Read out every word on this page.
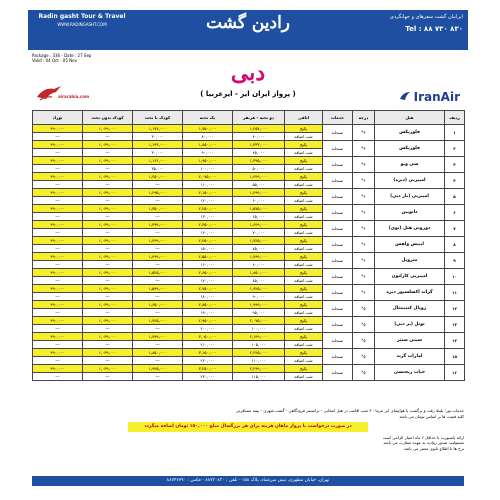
Radin gasht Tour & Travel
WWW.RADINGASHT.COM	رادین گشت	ایرانیان گشت سفرهای و جهانگردی
Tel : ۸۸ ۷۳۰ ۸۳۰
Package : 336 - Date : 27 Sep
Valid : 04 Oct - 05 Nov	دبی
( پرواز ایران ایر - ایرعربیا )
airarabia.com	IranAir
ردیف	هتل	درجه	خدمات	اتاقی	دو تخته - هرنفر	یک تخته	کودک با تخت	کودک بدون تخت	نوزاد
۱	فلوریکس	۳*	صبحانه	پکیج	۱,۲۵۷,۰۰۰	۱,۷۵۰,۰۰۰	۱,۱۷۷,۰۰۰	۱,۰۴۹,۰۰۰	۴۹۰,۰۰۰
				شب اضافه	۴۰,۰۰۰	۸۰,۰۰۰	۳۰,۰۰۰	---	---
۲	فلوریکس	۳*	صبحانه	پکیج	۱,۳۳۳,۰۰۰	۱,۸۵۰,۰۰۰	۱,۱۴۳,۰۰۰	۱,۰۴۹,۰۰۰	۴۹۰,۰۰۰
				شب اضافه	۴۵,۰۰۰	۹۰,۰۰۰	۳۰,۰۰۰	---	---
۳	سی ویو	۳*	صبحانه	پکیج	۱,۳۹۵,۰۰۰	۱,۹۵۰,۰۰۰	۱,۱۶۲,۰۰۰	۱,۰۴۹,۰۰۰	۴۹۰,۰۰۰
				شب اضافه	۵۰,۰۰۰	۱۰۰,۰۰۰	۳۵,۰۰۰	---	---
۴	امپیریی (دیره)	۴*	صبحانه	پکیج	۱,۴۴۹,۰۰۰	۲,۰۷۵,۰۰۰	۱,۲۵۰,۰۰۰	۱,۰۴۹,۰۰۰	۴۹۰,۰۰۰
				شب اضافه	۵۵,۰۰۰	۱۱۰,۰۰۰	---	---	---
۵	امپیریی (بار دبی)	۴*	صبحانه	پکیج	۱,۴۹۹,۰۰۰	۲,۱۵۰,۰۰۰	۱,۲۹۵,۰۰۰	۱,۰۴۹,۰۰۰	۴۹۰,۰۰۰
				شب اضافه	۶۰,۰۰۰	۱۲۰,۰۰۰	---	---	---
۶	دانوبین	۴*	صبحانه	پکیج	۱,۵۷۵,۰۰۰	۲,۲۵۰,۰۰۰	۱,۳۵۰,۰۰۰	۱,۰۴۹,۰۰۰	۴۹۰,۰۰۰
				شب اضافه	۶۵,۰۰۰	۱۳۰,۰۰۰	---	---	---
۷	دوروتی هتل (نوی)	۴*	صبحانه	پکیج	۱,۶۴۹,۰۰۰	۲,۳۵۰,۰۰۰	۱,۳۹۹,۰۰۰	۱,۰۴۹,۰۰۰	۴۹۰,۰۰۰
				شب اضافه	۷۰,۰۰۰	۱۴۰,۰۰۰	---	---	---
۸	ایبیس ولفس	۴*	صبحانه	پکیج	۱,۷۲۵,۰۰۰	۲,۴۵۰,۰۰۰	۱,۴۴۹,۰۰۰	۱,۰۴۹,۰۰۰	۴۹۰,۰۰۰
				شب اضافه	۷۵,۰۰۰	۱۵۰,۰۰۰	---	---	---
۹	متروپل	۴*	صبحانه	پکیج	۱,۷۹۹,۰۰۰	۲,۵۵۰,۰۰۰	۱,۴۹۹,۰۰۰	۱,۰۴۹,۰۰۰	۴۹۰,۰۰۰
				شب اضافه	۸۰,۰۰۰	۱۶۰,۰۰۰	---	---	---
۱۰	امپیریی کارلتون	۴*	صبحانه	پکیج	۱,۸۵۰,۰۰۰	۲,۶۵۰,۰۰۰	۱,۵۲۵,۰۰۰	۱,۰۴۹,۰۰۰	۴۹۰,۰۰۰
				شب اضافه	۸۵,۰۰۰	۱۷۰,۰۰۰	---	---	---
۱۱	گراند اکسلسیور دیره	۴*	صبحانه	پکیج	۱,۹۲۵,۰۰۰	۲,۷۵۰,۰۰۰	۱,۵۹۹,۰۰۰	۱,۰۴۹,۰۰۰	۴۹۰,۰۰۰
				شب اضافه	۹۰,۰۰۰	۱۸۰,۰۰۰	---	---	---
۱۲	رویال کنتیننتال	۵*	صبحانه	پکیج	۱,۹۹۹,۰۰۰	۲,۸۵۰,۰۰۰	۱,۶۵۰,۰۰۰	۱,۰۴۹,۰۰۰	۴۹۰,۰۰۰
				شب اضافه	۹۵,۰۰۰	۱۹۰,۰۰۰	---	---	---
۱۳	نوتل (بر دبی)	۵*	صبحانه	پکیج	۲,۰۷۵,۰۰۰	۲,۹۵۰,۰۰۰	۱,۷۲۵,۰۰۰	۱,۰۴۹,۰۰۰	۴۹۰,۰۰۰
				شب اضافه	۱۰۰,۰۰۰	۲۰۰,۰۰۰	---	---	---
۱۴	سیتی سنتر	۵*	صبحانه	پکیج	۲,۱۴۹,۰۰۰	۳,۰۵۰,۰۰۰	۱,۷۹۹,۰۰۰	۱,۰۴۹,۰۰۰	۴۹۰,۰۰۰
				شب اضافه	۱۰۵,۰۰۰	۲۱۰,۰۰۰	---	---	---
۱۵	امارات گرند	۵*	صبحانه	پکیج	۲,۲۲۵,۰۰۰	۳,۱۵۰,۰۰۰	۱,۸۵۰,۰۰۰	۱,۰۴۹,۰۰۰	۴۹۰,۰۰۰
				شب اضافه	۱۱۰,۰۰۰	۲۲۰,۰۰۰	---	---	---
۱۶	حیات ریجنسی	۵*	صبحانه	پکیج	۲,۲۹۹,۰۰۰	۳,۲۵۰,۰۰۰	۱,۹۲۵,۰۰۰	۱,۰۴۹,۰۰۰	۴۹۰,۰۰۰
				شب اضافه	۱۱۵,۰۰۰	۲۳۰,۰۰۰	---	---	---
خدمات تور: بلیط رفت و برگشت با هواپیمای ایر عربیا - ۳ شب اقامت در هتل انتخابی - ترانسفر فرودگاهی - گشت شهری - بیمه مسافرتی
کلیه قیمت ها بر اساس تومان می باشد
در صورت درخواست با پرواز ماهان هزینه برای هر بزرگسال مبلغ ۱۵۰,۰۰۰ تومان اضافه میگردد
ارائه پاسپورت با حداقل ۶ ماه اعتبار الزامی است
مسئولیت صدور روادید به عهده سفارت می باشد
نرخ ها تا اطلاع ثانوی معتبر می باشد
تهران، خیابان مطهری، نبش میرعماد، پلاک ۱۵۸ - تلفن : ۸۸۷۳۰۸۳۰ - فکس : ۸۸۷۴۷۷۹۰
